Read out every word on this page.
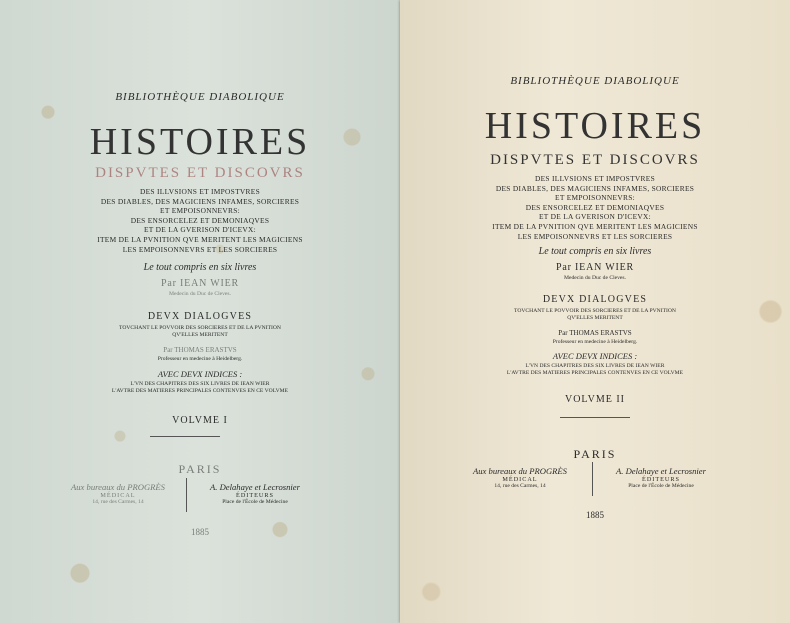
BIBLIOTHÈQUE DIABOLIQUE
HISTOIRES
DISPVTES ET DISCOVRS
DES ILLVSIONS ET IMPOSTVRES
DES DIABLES, DES MAGICIENS INFAMES, SORCIERES
ET EMPOISONNEVRS:
DES ENSORCELEZ ET DEMONIAQVES
ET DE LA GVERISON D'ICEVX:
ITEM DE LA PVNITION QVE MERITENT LES MAGICIENS
LES EMPOISONNEVRS ET LES SORCIERES
Le tout compris en six livres
Par IEAN WIER
Medecin du Duc de Cleves.
DEVX DIALOGVES
TOVCHANT LE POVVOIR DES SORCIERES ET DE LA PVNITION
QV'ELLES MERITENT
Par THOMAS ERASTVS
Professeur en medecine à Heidelberg.
AVEC DEVX INDICES :
L'VN DES CHAPITRES DES SIX LIVRES DE IEAN WIER
L'AVTRE DES MATIERES PRINCIPALES CONTENVES EN CE VOLVME
VOLVME I
PARIS
Aux bureaux du PROGRÈS
MÉDICAL
14, rue des Carmes, 14
A. Delahaye et Lecrosnier
ÉDITEURS
Place de l'École de Médecine
1885
BIBLIOTHÈQUE DIABOLIQUE
HISTOIRES
DISPVTES ET DISCOVRS
DES ILLVSIONS ET IMPOSTVRES
DES DIABLES, DES MAGICIENS INFAMES, SORCIERES
ET EMPOISONNEVRS:
DES ENSORCELEZ ET DEMONIAQVES
ET DE LA GVERISON D'ICEVX:
ITEM DE LA PVNITION QVE MERITENT LES MAGICIENS
LES EMPOISONNEVRS ET LES SORCIERES
Le tout compris en six livres
Par IEAN WIER
Medecin du Duc de Cleves.
DEVX DIALOGVES
TOVCHANT LE POVVOIR DES SORCIERES ET DE LA PVNITION
QV'ELLES MERITENT
Par THOMAS ERASTVS
Professeur en medecine à Heidelberg.
AVEC DEVX INDICES :
L'VN DES CHAPITRES DES SIX LIVRES DE IEAN WIER
L'AVTRE DES MATIERES PRINCIPALES CONTENVES EN CE VOLVME
VOLVME II
PARIS
Aux bureaux du PROGRÈS
MÉDICAL
14, rue des Carmes, 14
A. Delahaye et Lecrosnier
ÉDITEURS
Place de l'École de Médecine
1885
